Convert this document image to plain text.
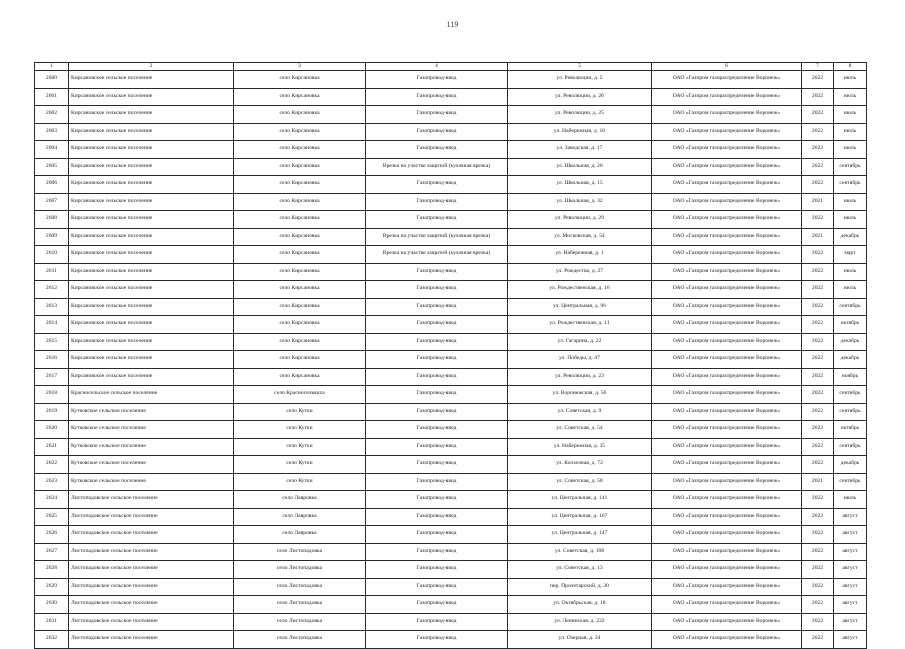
119
1	2	3	4	5	6	7	8
2600	Кирсановское сельское поселение	село Кирсановка	Газопровод-ввод	ул. Революции, д. 5	ОАО «Газпром газораспределение Воронеж»	2022	июль
2601	Кирсановское сельское поселение	село Кирсановка	Газопровод-ввод	ул. Революции, д. 26	ОАО «Газпром газораспределение Воронеж»	2022	июль
2602	Кирсановское сельское поселение	село Кирсановка	Газопровод-ввод	ул. Революции, д. 25	ОАО «Газпром газораспределение Воронеж»	2022	июль
2603	Кирсановское сельское поселение	село Кирсановка	Газопровод-ввод	ул. Набережная, д. 10	ОАО «Газпром газораспределение Воронеж»	2022	июль
2604	Кирсановское сельское поселение	село Кирсановка	Газопровод-ввод	ул. Заводская, д. 17	ОАО «Газпром газораспределение Воронеж»	2022	июль
2605	Кирсановское сельское поселение	село Кирсановка	Врезка на участке защитой (кулачная врезка)	ул. Школьная, д. 26	ОАО «Газпром газораспределение Воронеж»	2022	сентябрь
2606	Кирсановское сельское поселение	село Кирсановка	Газопровод-ввод	ул. Школьная, д. 15	ОАО «Газпром газораспределение Воронеж»	2022	сентябрь
2607	Кирсановское сельское поселение	село Кирсановка	Газопровод-ввод	ул. Школьная, д. 32	ОАО «Газпром газораспределение Воронеж»	2021	июль
2608	Кирсановское сельское поселение	село Кирсановка	Газопровод-ввод	ул. Революции, д. 29	ОАО «Газпром газораспределение Воронеж»	2022	июль
2609	Кирсановское сельское поселение	село Кирсановка	Врезка на участке защитой (кулачная врезка)	ул. Московская, д. 54	ОАО «Газпром газораспределение Воронеж»	2021	декабрь
2610	Кирсановское сельское поселение	село Кирсановка	Врезка на участке защитой (кулачная врезка)	ул. Набережная, д. 1	ОАО «Газпром газораспределение Воронеж»	2022	март
2611	Кирсановское сельское поселение	село Кирсановка	Газопровод-ввод	ул. Рождества, д. 27	ОАО «Газпром газораспределение Воронеж»	2022	июль
2612	Кирсановское сельское поселение	село Кирсановка	Газопровод-ввод	ул. Рождественская, д. 16	ОАО «Газпром газораспределение Воронеж»	2022	июль
2613	Кирсановское сельское поселение	село Кирсановка	Газопровод-ввод	ул. Центральная, д. 96	ОАО «Газпром газораспределение Воронеж»	2022	сентябрь
2614	Кирсановское сельское поселение	село Кирсановка	Газопровод-ввод	ул. Рождественская, д. 11	ОАО «Газпром газораспределение Воронеж»	2022	октябрь
2615	Кирсановское сельское поселение	село Кирсановка	Газопровод-ввод	ул. Гагарина, д. 22	ОАО «Газпром газораспределение Воронеж»	2022	декабрь
2616	Кирсановское сельское поселение	село Кирсановка	Газопровод-ввод	ул. Победы, д. 47	ОАО «Газпром газораспределение Воронеж»	2022	декабрь
2617	Кирсановское сельское поселение	село Кирсановка	Газопровод-ввод	ул. Революции, д. 23	ОАО «Газпром газораспределение Воронеж»	2022	ноябрь
2618	Красносельское сельское поселение	село Красносельчиха	Газопровод-ввод	ул. Воронежская, д. 56	ОАО «Газпром газораспределение Воронеж»	2022	сентябрь
2619	Кутковское сельское поселение	село Кутки	Газопровод-ввод	ул. Советская, д. 9	ОАО «Газпром газораспределение Воронеж»	2022	сентябрь
2620	Кутковское сельское поселение	село Кутки	Газопровод-ввод	ул. Советская, д. 54	ОАО «Газпром газораспределение Воронеж»	2022	октябрь
2621	Кутковское сельское поселение	село Кутки	Газопровод-ввод	ул. Набережная, д. 35	ОАО «Газпром газораспределение Воронеж»	2022	сентябрь
2622	Кутковское сельское поселение	село Кутки	Газопровод-ввод	ул. Колхозная, д. 72	ОАО «Газпром газораспределение Воронеж»	2022	декабрь
2623	Кутковское сельское поселение	село Кутки	Газопровод-ввод	ул. Советская, д. 58	ОАО «Газпром газораспределение Воронеж»	2021	сентябрь
2624	Листопадовское сельское поселение	село Лавровка	Газопровод-ввод	ул. Центральная, д. 141	ОАО «Газпром газораспределение Воронеж»	2022	июль
2625	Листопадовское сельское поселение	село Лавровка	Газопровод-ввод	ул. Центральная, д. 167	ОАО «Газпром газораспределение Воронеж»	2022	август
2626	Листопадовское сельское поселение	село Лавровка	Газопровод-ввод	ул. Центральная, д. 147	ОАО «Газпром газораспределение Воронеж»	2022	август
2627	Листопадовское сельское поселение	село Листопадовка	Газопровод-ввод	ул. Советская, д. 108	ОАО «Газпром газораспределение Воронеж»	2022	август
2628	Листопадовское сельское поселение	село Листопадовка	Газопровод-ввод	ул. Советская, д. 13	ОАО «Газпром газораспределение Воронеж»	2022	август
2629	Листопадовское сельское поселение	село Листопадовка	Газопровод-ввод	пер. Пролетарский, д. 20	ОАО «Газпром газораспределение Воронеж»	2022	август
2630	Листопадовское сельское поселение	село Листопадовка	Газопровод-ввод	ул. Октябрьская, д. 18	ОАО «Газпром газораспределение Воронеж»	2022	август
2631	Листопадовское сельское поселение	село Листопадовка	Газопровод-ввод	ул. Ленинская, д. 222	ОАО «Газпром газораспределение Воронеж»	2022	август
2632	Листопадовское сельское поселение	село Листопадовка	Газопровод-ввод	ул. Озерная, д. 34	ОАО «Газпром газораспределение Воронеж»	2022	август
